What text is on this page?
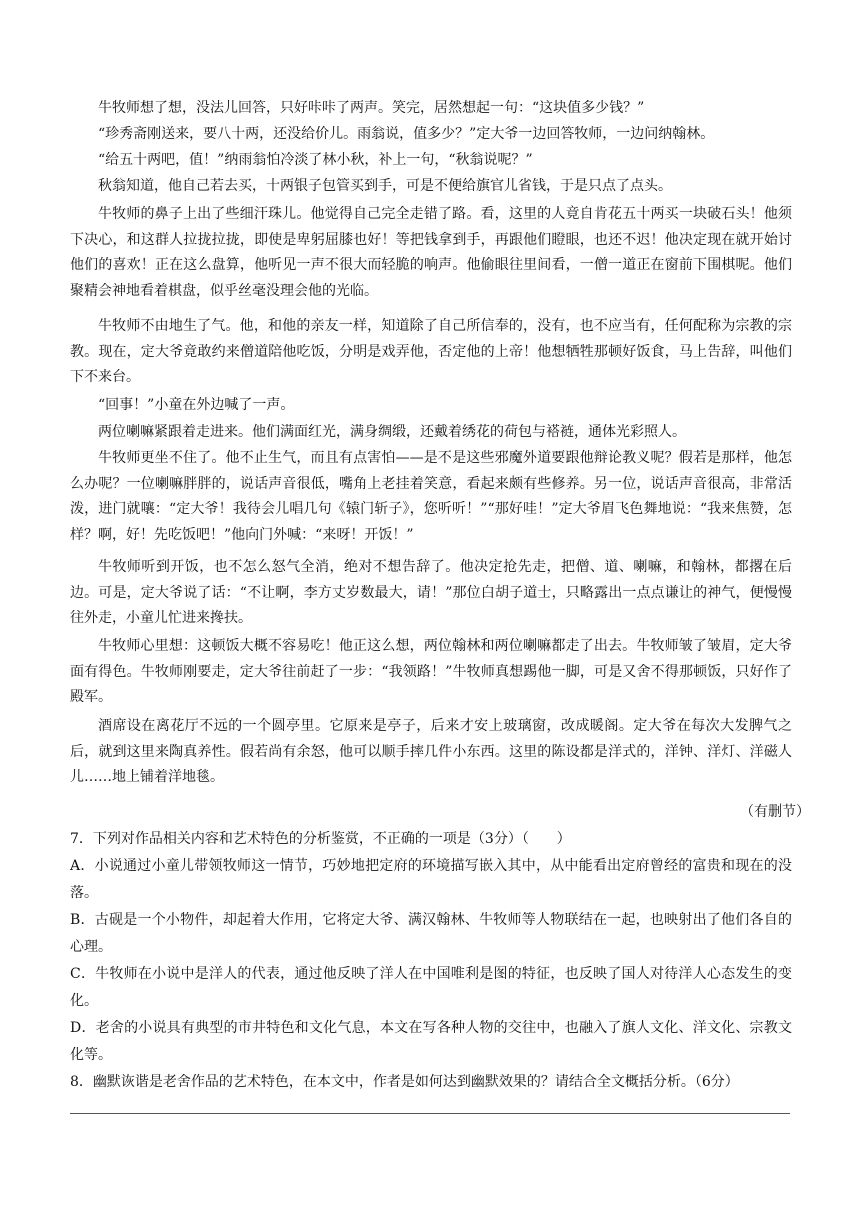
牛牧师想了想，没法儿回答，只好咔咔了两声。笑完，居然想起一句：“这块值多少钱？”

“珍秀斋刚送来，要八十两，还没给价儿。雨翁说，值多少？”定大爷一边回答牧师，一边问纳翰林。

“给五十两吧，值！”纳雨翁怕冷淡了林小秋，补上一句，“秋翁说呢？”

秋翁知道，他自己若去买，十两银子包管买到手，可是不便给旗官儿省钱，于是只点了点头。

牛牧师的鼻子上出了些细汗珠儿。他觉得自己完全走错了路。看，这里的人竟自肯花五十两买一块破石头！他须下决心，和这群人拉拢拉拢，即使是卑躬屈膝也好！等把钱拿到手，再跟他们瞪眼，也还不迟！他决定现在就开始讨他们的喜欢！正在这么盘算，他听见一声不很大而轻脆的响声。他偷眼往里间看，一僧一道正在窗前下围棋呢。他们聚精会神地看着棋盘，似乎丝毫没理会他的光临。

牛牧师不由地生了气。他，和他的亲友一样，知道除了自己所信奉的，没有，也不应当有，任何配称为宗教的宗教。现在，定大爷竟敢约来僧道陪他吃饭，分明是戏弄他，否定他的上帝！他想牺牲那顿好饭食，马上告辞，叫他们下不来台。

“回事！”小童在外边喊了一声。

两位喇嘛紧跟着走进来。他们满面红光，满身绸缎，还戴着绣花的荷包与褡裢，通体光彩照人。

牛牧师更坐不住了。他不止生气，而且有点害怕——是不是这些邪魔外道要跟他辩论教义呢？假若是那样，他怎么办呢？一位喇嘛胖胖的，说话声音很低，嘴角上老挂着笑意，看起来颇有些修养。另一位，说话声音很高，非常活泼，进门就嚷：“定大爷！我待会儿唱几句《辕门斩子》，您听听！”“那好哇！”定大爷眉飞色舞地说：“我来焦赞，怎样？啊，好！先吃饭吧！”他向门外喊：“来呀！开饭！”

牛牧师听到开饭，也不怎么怒气全消，绝对不想告辞了。他决定抢先走，把僧、道、喇嘛，和翰林，都撂在后边。可是，定大爷说了话：“不让啊，李方丈岁数最大，请！”那位白胡子道士，只略露出一点点谦让的神气，便慢慢往外走，小童儿忙进来搀扶。

牛牧师心里想：这顿饭大概不容易吃！他正这么想，两位翰林和两位喇嘛都走了出去。牛牧师皱了皱眉，定大爷面有得色。牛牧师刚要走，定大爷往前赶了一步：“我领路！”牛牧师真想踢他一脚，可是又舍不得那顿饭，只好作了殿军。

酒席设在离花厅不远的一个圆亭里。它原来是亭子，后来才安上玻璃窗，改成暖阁。定大爷在每次大发脾气之后，就到这里来陶真养性。假若尚有余怒，他可以顺手摔几件小东西。这里的陈设都是洋式的，洋钟、洋灯、洋磁人儿……地上铺着洋地毯。

（有删节）

7．下列对作品相关内容和艺术特色的分析鉴赏，不正确的一项是（3分）（　　）

A．小说通过小童儿带领牧师这一情节，巧妙地把定府的环境描写嵌入其中，从中能看出定府曾经的富贵和现在的没落。

B．古砚是一个小物件，却起着大作用，它将定大爷、满汉翰林、牛牧师等人物联结在一起，也映射出了他们各自的心理。

C．牛牧师在小说中是洋人的代表，通过他反映了洋人在中国唯利是图的特征，也反映了国人对待洋人心态发生的变化。

D．老舍的小说具有典型的市井特色和文化气息，本文在写各种人物的交往中，也融入了旗人文化、洋文化、宗教文化等。

8．幽默诙谐是老舍作品的艺术特色，在本文中，作者是如何达到幽默效果的？请结合全文概括分析。（6分）
